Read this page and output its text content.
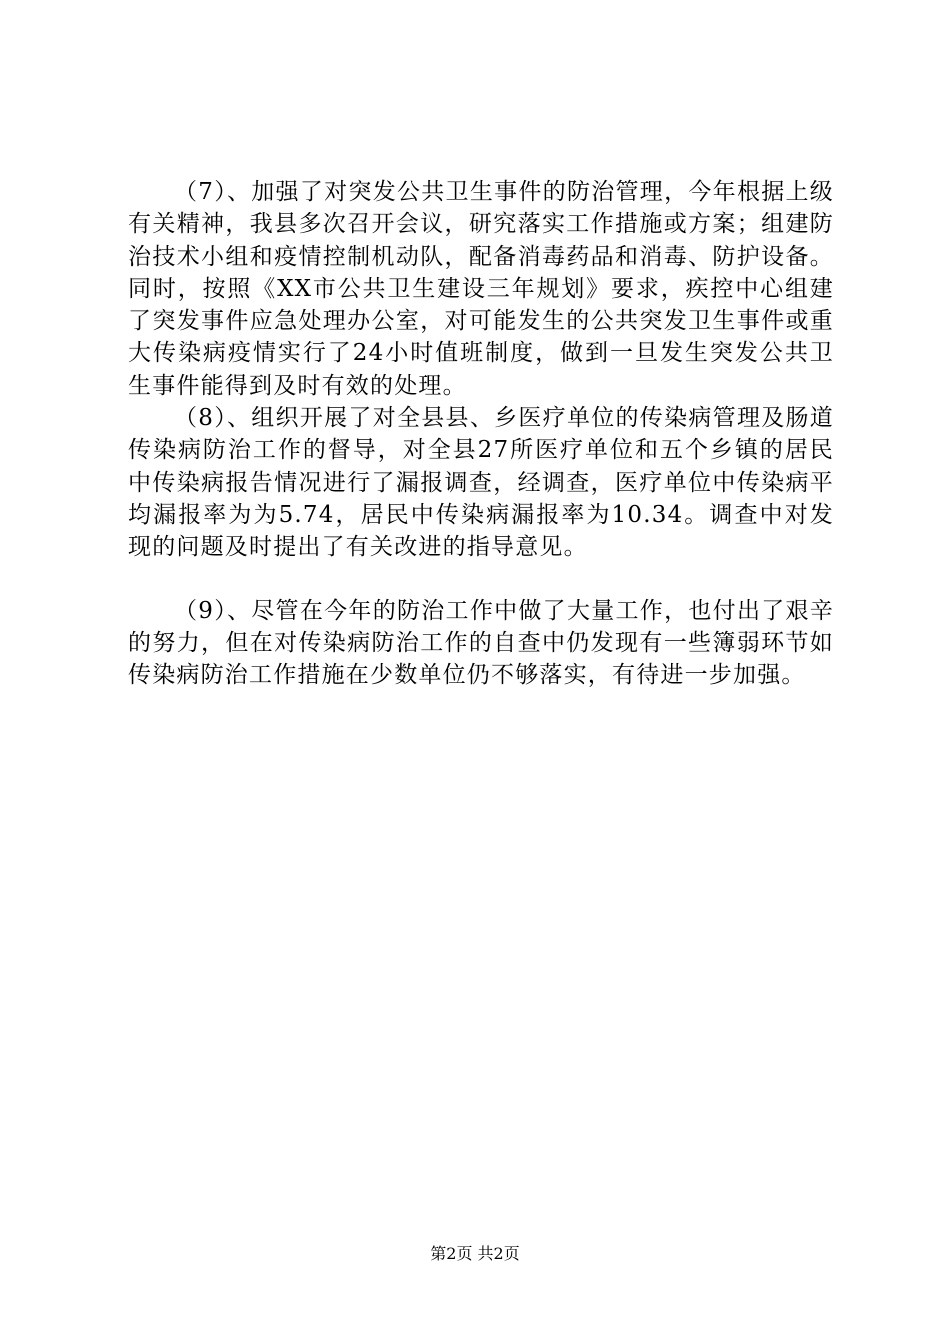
（7）、加强了对突发公共卫生事件的防治管理，今年根据上级有关精神，我县多次召开会议，研究落实工作措施或方案；组建防治技术小组和疫情控制机动队，配备消毒药品和消毒、防护设备。同时，按照《XX市公共卫生建设三年规划》要求，疾控中心组建了突发事件应急处理办公室，对可能发生的公共突发卫生事件或重大传染病疫情实行了24小时值班制度，做到一旦发生突发公共卫生事件能得到及时有效的处理。

（8）、组织开展了对全县县、乡医疗单位的传染病管理及肠道传染病防治工作的督导，对全县27所医疗单位和五个乡镇的居民中传染病报告情况进行了漏报调查，经调查，医疗单位中传染病平均漏报率为为5.74，居民中传染病漏报率为10.34。调查中对发现的问题及时提出了有关改进的指导意见。

（9）、尽管在今年的防治工作中做了大量工作，也付出了艰辛的努力，但在对传染病防治工作的自查中仍发现有一些簿弱环节如传染病防治工作措施在少数单位仍不够落实，有待进一步加强。

第2页 共2页
